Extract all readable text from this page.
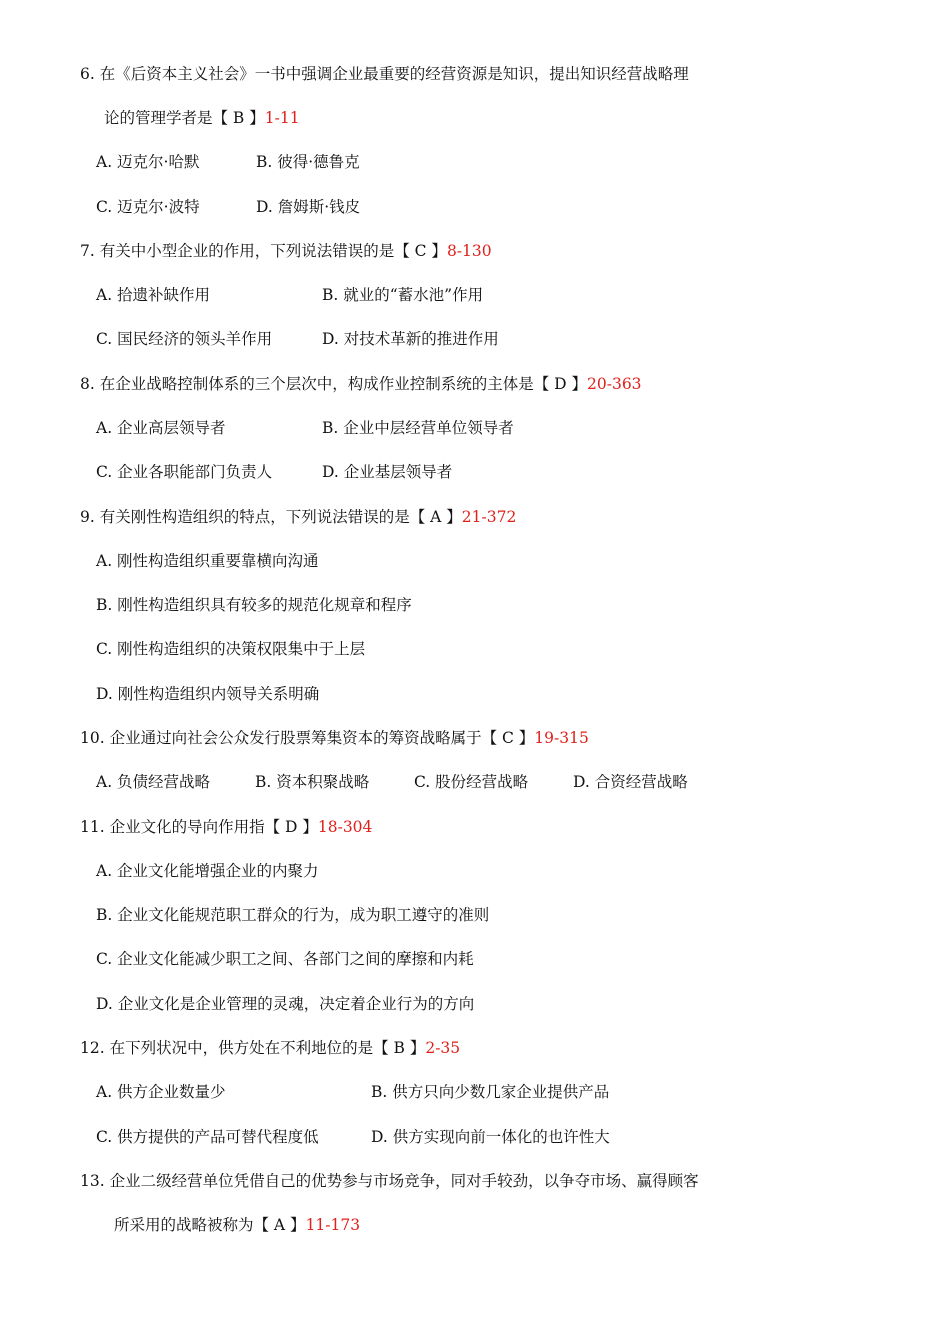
6. 在《后资本主义社会》一书中强调企业最重要的经营资源是知识，提出知识经营战略理
论的管理学者是【 B 】1-11
A. 迈克尔·哈默	B. 彼得·德鲁克
C. 迈克尔·波特	D. 詹姆斯·钱皮
7. 有关中小型企业的作用，下列说法错误的是【 C 】8-130
A. 拾遗补缺作用	B. 就业的“蓄水池”作用
C. 国民经济的领头羊作用	D. 对技术革新的推进作用
8. 在企业战略控制体系的三个层次中，构成作业控制系统的主体是【 D 】20-363
A. 企业高层领导者	B. 企业中层经营单位领导者
C. 企业各职能部门负责人	D. 企业基层领导者
9. 有关刚性构造组织的特点，下列说法错误的是【 A 】21-372
A. 刚性构造组织重要靠横向沟通
B. 刚性构造组织具有较多的规范化规章和程序
C. 刚性构造组织的决策权限集中于上层
D. 刚性构造组织内领导关系明确
10. 企业通过向社会公众发行股票筹集资本的筹资战略属于【 C 】19-315
A. 负债经营战略	B. 资本积聚战略	C. 股份经营战略	D. 合资经营战略
11. 企业文化的导向作用指【 D 】18-304
A. 企业文化能增强企业的内聚力
B. 企业文化能规范职工群众的行为，成为职工遵守的准则
C. 企业文化能减少职工之间、各部门之间的摩擦和内耗
D. 企业文化是企业管理的灵魂，决定着企业行为的方向
12. 在下列状况中，供方处在不利地位的是【 B 】2-35
A. 供方企业数量少	B. 供方只向少数几家企业提供产品
C. 供方提供的产品可替代程度低	D. 供方实现向前一体化的也许性大
13. 企业二级经营单位凭借自己的优势参与市场竞争，同对手较劲，以争夺市场、赢得顾客
所采用的战略被称为【 A 】11-173
